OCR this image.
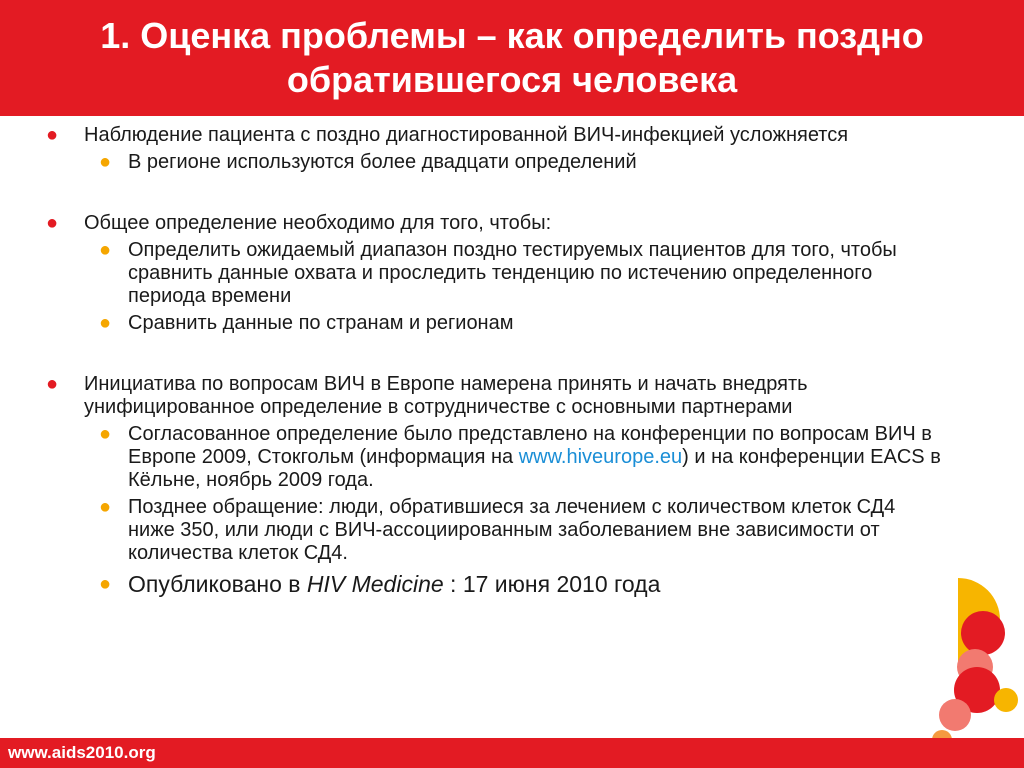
1. Оценка проблемы – как определить поздно обратившегося человека
● Наблюдение пациента с поздно диагностированной ВИЧ-инфекцией усложняется
● В регионе используются более двадцати определений
● Общее определение необходимо для того, чтобы:
● Определить ожидаемый диапазон поздно тестируемых пациентов для того, чтобы сравнить данные охвата и проследить тенденцию по истечению определенного периода времени
● Сравнить данные по странам и регионам
● Инициатива по вопросам ВИЧ в Европе намерена принять и начать внедрять унифицированное определение в сотрудничестве с основными партнерами
● Согласованное определение было представлено на конференции по вопросам ВИЧ в Европе 2009, Стокгольм (информация на www.hiveurope.eu) и на конференции EACS в Кёльне, ноябрь 2009 года.
● Позднее обращение: люди, обратившиеся за лечением с количеством клеток СД4 ниже 350, или люди с ВИЧ-ассоциированным заболеванием вне зависимости от количества клеток СД4.
● Опубликовано в HIV Medicine : 17 июня 2010 года
www.aids2010.org
